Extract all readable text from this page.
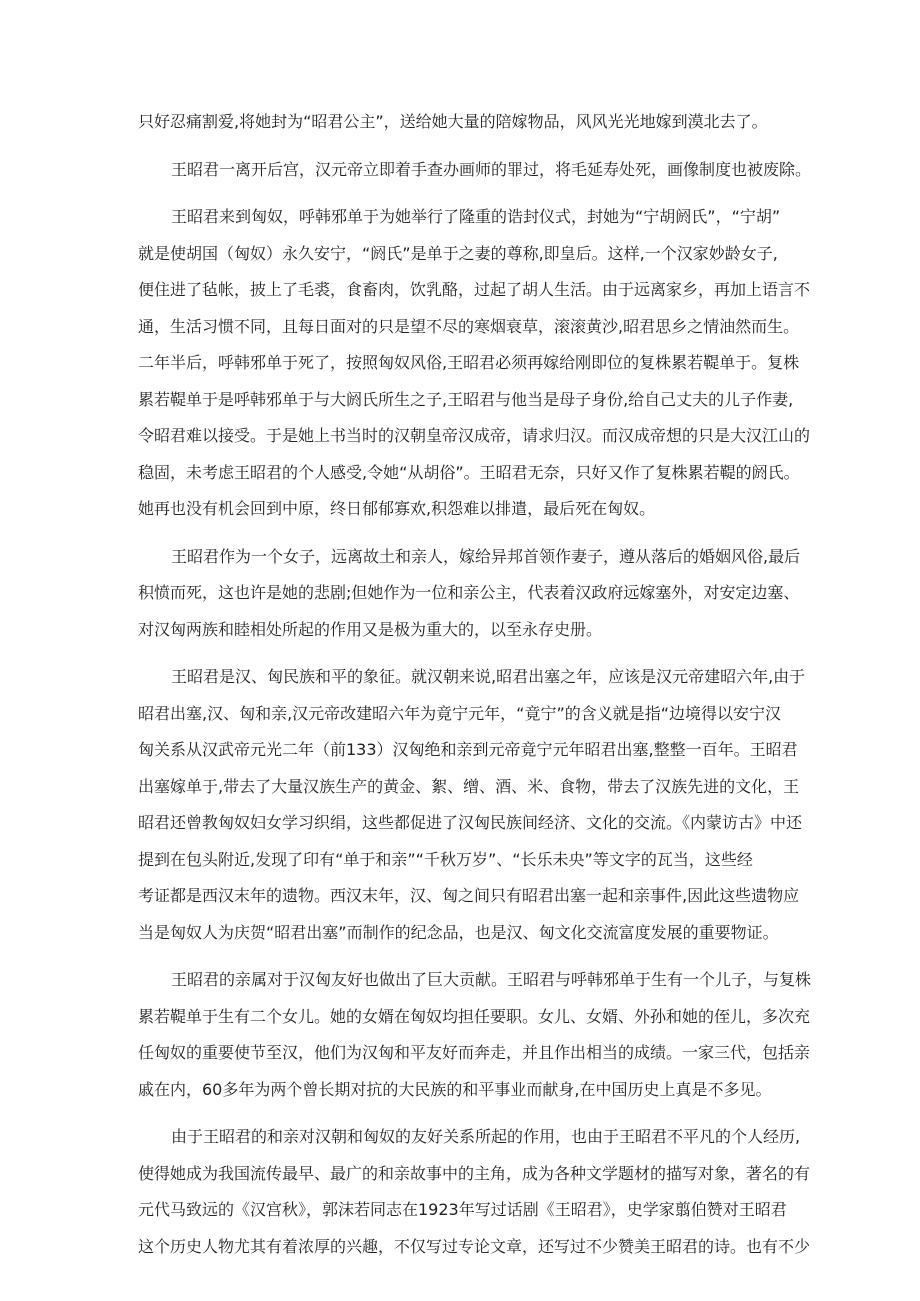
只好忍痛割爱,将她封为“昭君公主”，送给她大量的陪嫁物品，风风光光地嫁到漠北去了。
王昭君一离开后宫，汉元帝立即着手查办画师的罪过，将毛延寿处死，画像制度也被废除。
王昭君来到匈奴，呼韩邪单于为她举行了隆重的诰封仪式，封她为“宁胡阏氏”，“宁胡”
就是使胡国（匈奴）永久安宁，“阏氏”是单于之妻的尊称,即皇后。这样,一个汉家妙龄女子,
便住进了毡帐，披上了毛裘，食畜肉，饮乳酪，过起了胡人生活。由于远离家乡，再加上语言不
通，生活习惯不同，且每日面对的只是望不尽的寒烟衰草，滚滚黄沙,昭君思乡之情油然而生。
二年半后，呼韩邪单于死了，按照匈奴风俗,王昭君必须再嫁给刚即位的复株累若鞮单于。复株
累若鞮单于是呼韩邪单于与大阏氏所生之子,王昭君与他当是母子身份,给自己丈夫的儿子作妻,
令昭君难以接受。于是她上书当时的汉朝皇帝汉成帝，请求归汉。而汉成帝想的只是大汉江山的
稳固，未考虑王昭君的个人感受,令她“从胡俗”。王昭君无奈，只好又作了复株累若鞮的阏氏。
她再也没有机会回到中原，终日郁郁寡欢,积怨难以排遣，最后死在匈奴。
王昭君作为一个女子，远离故土和亲人，嫁给异邦首领作妻子，遵从落后的婚姻风俗,最后
积愤而死，这也许是她的悲剧;但她作为一位和亲公主，代表着汉政府远嫁塞外，对安定边塞、
对汉匈两族和睦相处所起的作用又是极为重大的，以至永存史册。
王昭君是汉、匈民族和平的象征。就汉朝来说,昭君出塞之年，应该是汉元帝建昭六年,由于
昭君出塞,汉、匈和亲,汉元帝改建昭六年为竟宁元年，“竟宁”的含义就是指“边境得以安宁汉
匈关系从汉武帝元光二年（前133）汉匈绝和亲到元帝竟宁元年昭君出塞,整整一百年。王昭君
出塞嫁单于,带去了大量汉族生产的黄金、絮、缯、酒、米、食物，带去了汉族先进的文化，王
昭君还曾教匈奴妇女学习织绢，这些都促进了汉匈民族间经济、文化的交流。《内蒙访古》中还
提到在包头附近,发现了印有“单于和亲”“千秋万岁”、“长乐未央”等文字的瓦当，这些经
考证都是西汉末年的遗物。西汉末年，汉、匈之间只有昭君出塞一起和亲事件,因此这些遗物应
当是匈奴人为庆贺“昭君出塞”而制作的纪念品，也是汉、匈文化交流富度发展的重要物证。
王昭君的亲属对于汉匈友好也做出了巨大贡献。王昭君与呼韩邪单于生有一个儿子，与复株
累若鞮单于生有二个女儿。她的女婿在匈奴均担任要职。女儿、女婿、外孙和她的侄儿，多次充
任匈奴的重要使节至汉，他们为汉匈和平友好而奔走，并且作出相当的成绩。一家三代，包括亲
戚在内，60多年为两个曾长期对抗的大民族的和平事业而献身,在中国历史上真是不多见。
由于王昭君的和亲对汉朝和匈奴的友好关系所起的作用，也由于王昭君不平凡的个人经历,
使得她成为我国流传最早、最广的和亲故事中的主角，成为各种文学题材的描写对象，著名的有
元代马致远的《汉宫秋》，郭沫若同志在1923年写过话剧《王昭君》，史学家翦伯赞对王昭君
这个历史人物尤其有着浓厚的兴趣，不仅写过专论文章，还写过不少赞美王昭君的诗。也有不少
